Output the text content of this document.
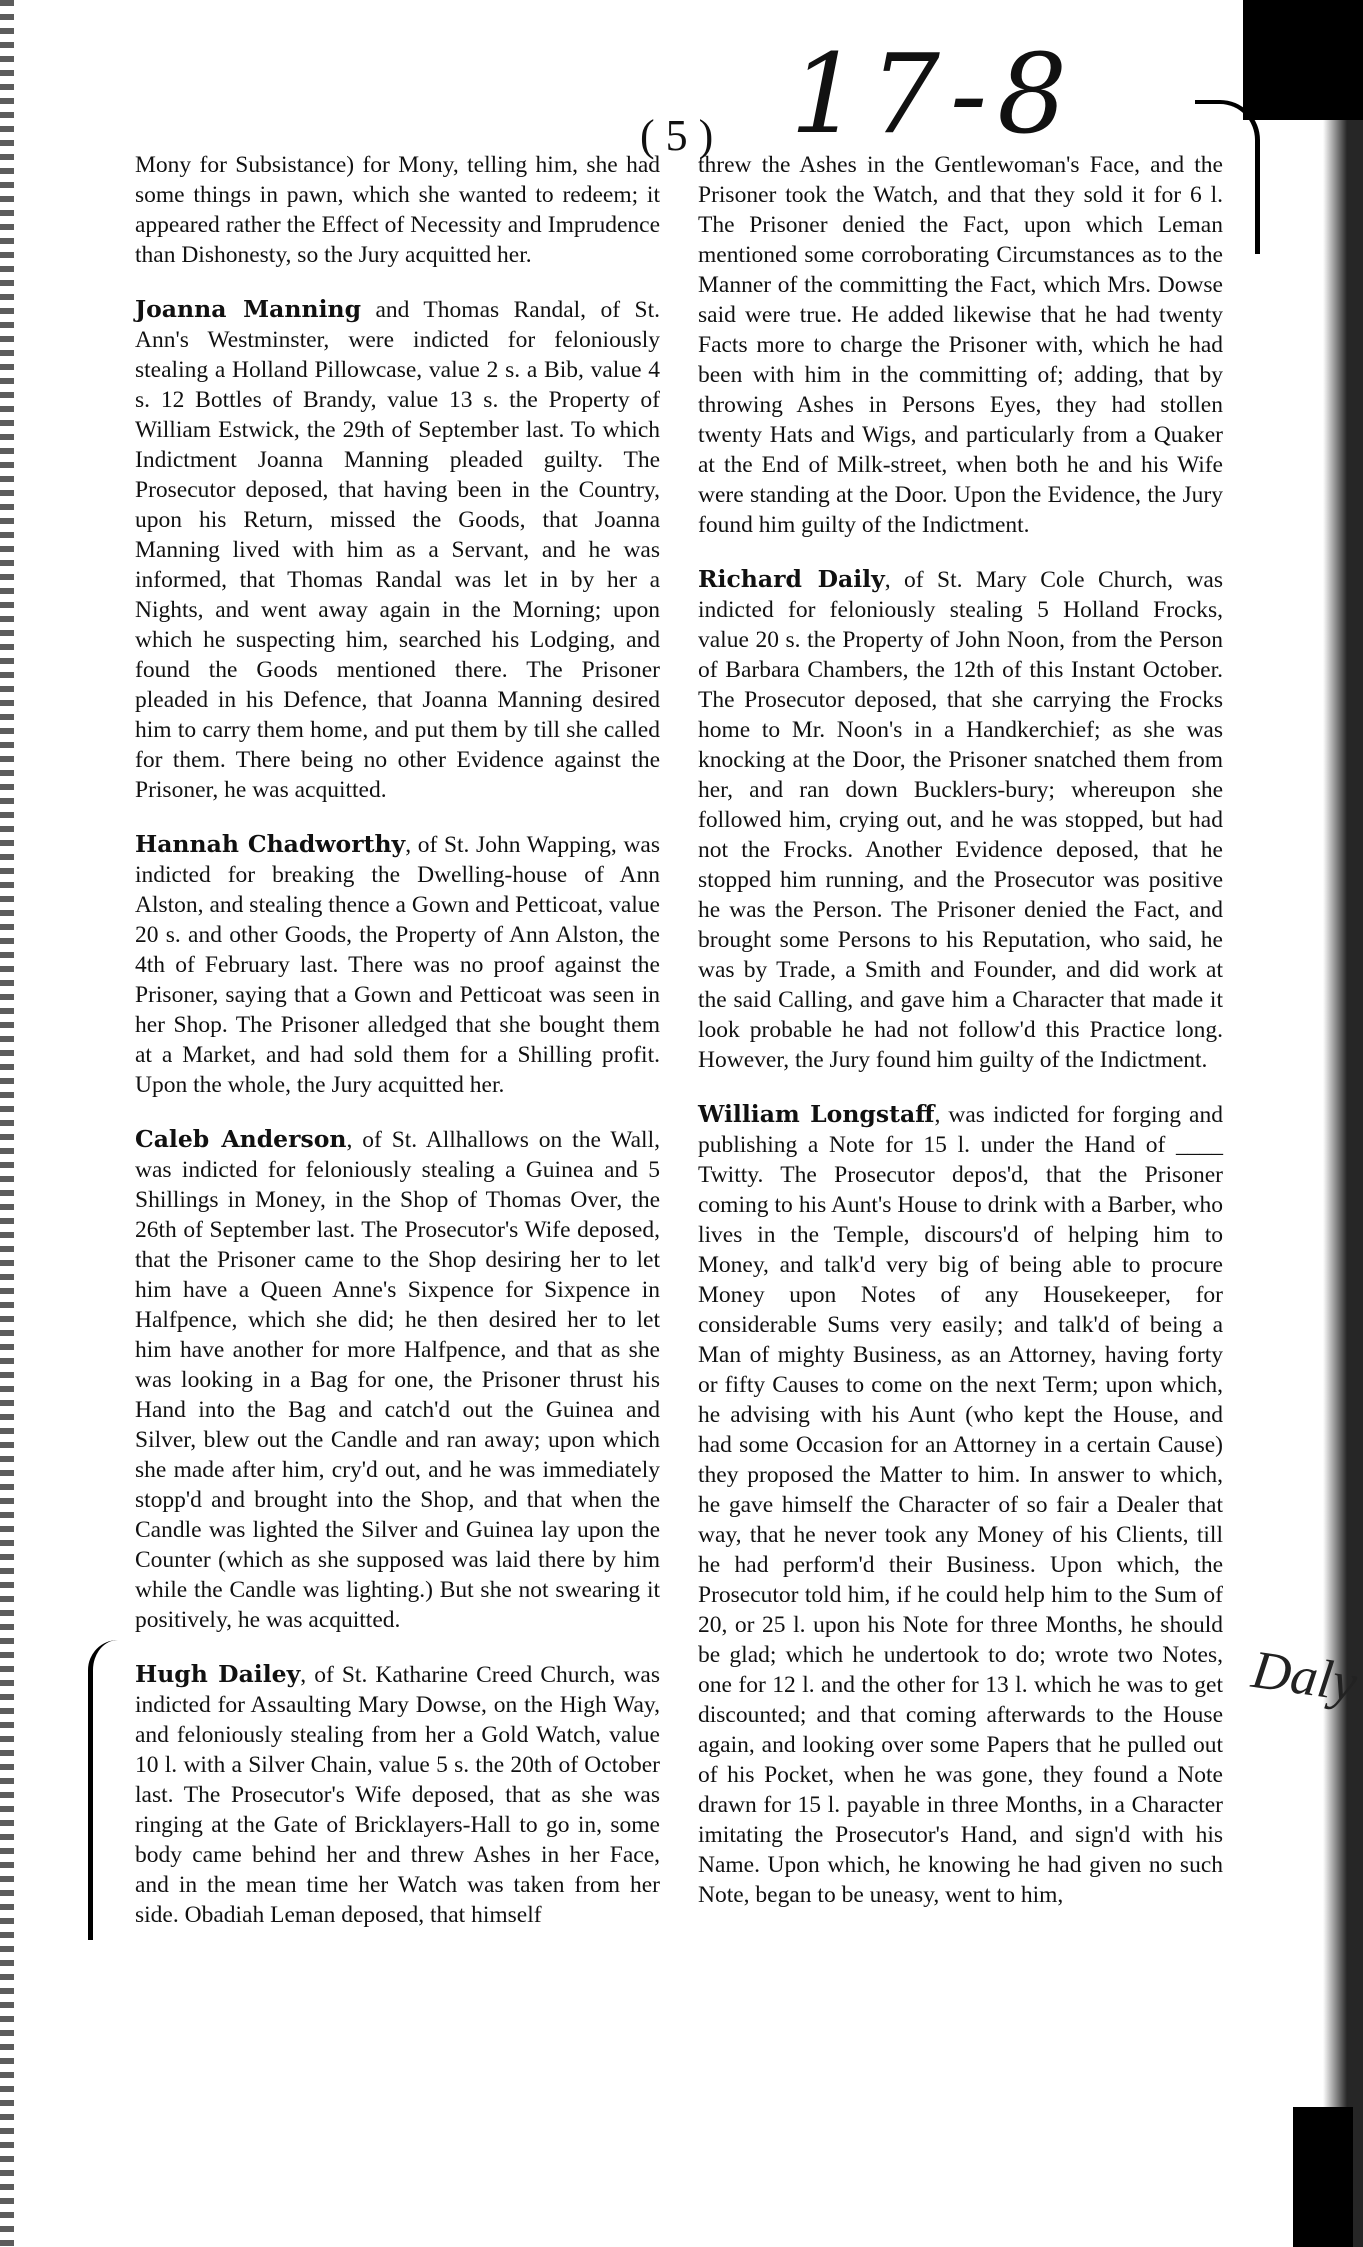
( 5 ) 17-8

Mony for Subsistance) for Mony, telling him, she had some things in pawn, which she wanted to redeem; it appeared rather the Effect of Necessity and Imprudence than Dishonesty, so the Jury acquitted her.

Joanna Manning and Thomas Randal, of St. Ann's Westminster, were indicted for feloniously stealing a Holland Pillowcase, value 2 s. a Bib, value 4 s. 12 Bottles of Brandy, value 13 s. the Property of William Estwick, the 29th of September last. To which Indictment Joanna Manning pleaded guilty. The Prosecutor deposed, that having been in the Country, upon his Return, missed the Goods, that Joanna Manning lived with him as a Servant, and he was informed, that Thomas Randal was let in by her a Nights, and went away again in the Morning; upon which he suspecting him, searched his Lodging, and found the Goods mentioned there. The Prisoner pleaded in his Defence, that Joanna Manning desired him to carry them home, and put them by till she called for them. There being no other Evidence against the Prisoner, he was acquitted.

Hannah Chadworthy, of St. John Wapping, was indicted for breaking the Dwelling-house of Ann Alston, and stealing thence a Gown and Petticoat, value 20 s. and other Goods, the Property of Ann Alston, the 4th of February last. There was no proof against the Prisoner, saying that a Gown and Petticoat was seen in her Shop. The Prisoner alledged that she bought them at a Market, and had sold them for a Shilling profit. Upon the whole, the Jury acquitted her.

Caleb Anderson, of St. Allhallows on the Wall, was indicted for feloniously stealing a Guinea and 5 Shillings in Money, in the Shop of Thomas Over, the 26th of September last. The Prosecutor's Wife deposed, that the Prisoner came to the Shop desiring her to let him have a Queen Anne's Sixpence for Sixpence in Halfpence, which she did; he then desired her to let him have another for more Halfpence, and that as she was looking in a Bag for one, the Prisoner thrust his Hand into the Bag and catch'd out the Guinea and Silver, blew out the Candle and ran away; upon which she made after him, cry'd out, and he was immediately stopp'd and brought into the Shop, and that when the Candle was lighted the Silver and Guinea lay upon the Counter (which as she supposed was laid there by him while the Candle was lighting.) But she not swearing it positively, he was acquitted.

Hugh Dailey, of St. Katharine Creed Church, was indicted for Assaulting Mary Dowse, on the High Way, and feloniously stealing from her a Gold Watch, value 10 l. with a Silver Chain, value 5 s. the 20th of October last. The Prosecutor's Wife deposed, that as she was ringing at the Gate of Bricklayers-Hall to go in, some body came behind her and threw Ashes in her Face, and in the mean time her Watch was taken from her side. Obadiah Leman deposed, that himself

threw the Ashes in the Gentlewoman's Face, and the Prisoner took the Watch, and that they sold it for 6 l. The Prisoner denied the Fact, upon which Leman mentioned some corroborating Circumstances as to the Manner of the committing the Fact, which Mrs. Dowse said were true. He added likewise that he had twenty Facts more to charge the Prisoner with, which he had been with him in the committing of; adding, that by throwing Ashes in Persons Eyes, they had stollen twenty Hats and Wigs, and particularly from a Quaker at the End of Milk-street, when both he and his Wife were standing at the Door. Upon the Evidence, the Jury found him guilty of the Indictment.

Richard Daily, of St. Mary Cole Church, was indicted for feloniously stealing 5 Holland Frocks, value 20 s. the Property of John Noon, from the Person of Barbara Chambers, the 12th of this Instant October. The Prosecutor deposed, that she carrying the Frocks home to Mr. Noon's in a Handkerchief; as she was knocking at the Door, the Prisoner snatched them from her, and ran down Bucklers-bury; whereupon she followed him, crying out, and he was stopped, but had not the Frocks. Another Evidence deposed, that he stopped him running, and the Prosecutor was positive he was the Person. The Prisoner denied the Fact, and brought some Persons to his Reputation, who said, he was by Trade, a Smith and Founder, and did work at the said Calling, and gave him a Character that made it look probable he had not follow'd this Practice long. However, the Jury found him guilty of the Indictment.

William Longstaff, was indicted for forging and publishing a Note for 15 l. under the Hand of ____ Twitty. The Prosecutor depos'd, that the Prisoner coming to his Aunt's House to drink with a Barber, who lives in the Temple, discours'd of helping him to Money, and talk'd very big of being able to procure Money upon Notes of any Housekeeper, for considerable Sums very easily; and talk'd of being a Man of mighty Business, as an Attorney, having forty or fifty Causes to come on the next Term; upon which, he advising with his Aunt (who kept the House, and had some Occasion for an Attorney in a certain Cause) they proposed the Matter to him. In answer to which, he gave himself the Character of so fair a Dealer that way, that he never took any Money of his Clients, till he had perform'd their Business. Upon which, the Prosecutor told him, if he could help him to the Sum of 20, or 25 l. upon his Note for three Months, he should be glad; which he undertook to do; wrote two Notes, one for 12 l. and the other for 13 l. which he was to get discounted; and that coming afterwards to the House again, and looking over some Papers that he pulled out of his Pocket, when he was gone, they found a Note drawn for 15 l. payable in three Months, in a Character imitating the Prosecutor's Hand, and sign'd with his Name. Upon which, he knowing he had given no such Note, began to be uneasy, went to him,

Daly
